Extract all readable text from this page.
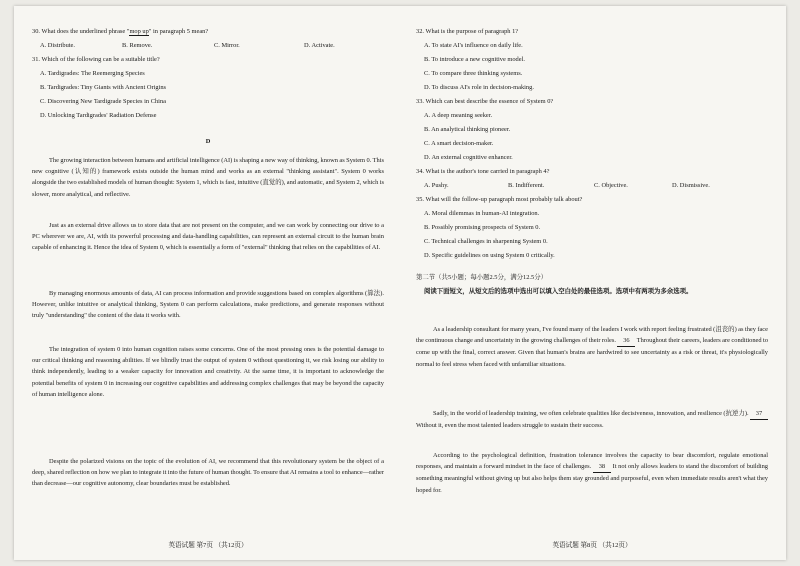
30. What does the underlined phrase "mop up" in paragraph 5 mean?
A. Distribute.	B. Remove.	C. Mirror.	D. Activate.
31. Which of the following can be a suitable title?
A. Tardigrades: The Reemerging Species
B. Tardigrades: Tiny Giants with Ancient Origins
C. Discovering New Tardigrade Species in China
D. Unlocking Tardigrades' Radiation Defense
D
The growing interaction between humans and artificial intelligence (AI) is shaping a new way of thinking, known as System 0. This new cognitive (认知的) framework exists outside the human mind and works as an external "thinking assistant". System 0 works alongside the two established models of human thought: System 1, which is fast, intuitive (直觉的), and automatic, and System 2, which is slower, more analytical, and reflective.
Just as an external drive allows us to store data that are not present on the computer, and we can work by connecting our drive to a PC wherever we are, AI, with its powerful processing and data-handling capabilities, can represent an external circuit to the human brain capable of enhancing it. Hence the idea of System 0, which is essentially a form of "external" thinking that relies on the capabilities of AI.
By managing enormous amounts of data, AI can process information and provide suggestions based on complex algorithms (算法). However, unlike intuitive or analytical thinking, System 0 can perform calculations, make predictions, and generate responses without truly "understanding" the content of the data it works with.
The integration of system 0 into human cognition raises some concerns. One of the most pressing ones is the potential damage to our critical thinking and reasoning abilities. If we blindly trust the output of system 0 without questioning it, we risk losing our ability to think independently, leading to a weaker capacity for innovation and creativity. At the same time, it is important to acknowledge the potential benefits of system 0 in increasing our cognitive capabilities and addressing complex challenges that may be beyond the capacity of human intelligence alone.
Despite the polarized visions on the topic of the evolution of AI, we recommend that this revolutionary system be the object of a deep, shared reflection on how we plan to integrate it into the future of human thought. To ensure that AI remains a tool to enhance—rather than decrease—our cognitive autonomy, clear boundaries must be established.
英语试题 第7页 （共12页）
32. What is the purpose of paragraph 1?
A. To state AI's influence on daily life.
B. To introduce a new cognitive model.
C. To compare three thinking systems.
D. To discuss AI's role in decision-making.
33. Which can best describe the essence of System 0?
A. A deep meaning seeker.
B. An analytical thinking pioneer.
C. A smart decision-maker.
D. An external cognitive enhancer.
34. What is the author's tone carried in paragraph 4?
A. Pushy.	B. Indifferent.	C. Objective.	D. Dismissive.
35. What will the follow-up paragraph most probably talk about?
A. Moral dilemmas in human-AI integration.
B. Possibly promising prospects of System 0.
C. Technical challenges in sharpening System 0.
D. Specific guidelines on using System 0 critically.
第二节（共5小题；每小题2.5分，满分12.5分）
阅读下面短文，从短文后的选项中选出可以填入空白处的最佳选项。选项中有两项为多余选项。
As a leadership consultant for many years, I've found many of the leaders I work with report feeling frustrated (沮丧的) as they face the continuous change and uncertainty in the growing challenges of their roles. 36 Throughout their careers, leaders are conditioned to come up with the final, correct answer. Given that human's brains are hardwired to see uncertainty as a risk or threat, it's physiologically normal to feel stress when faced with unfamiliar situations.
Sadly, in the world of leadership training, we often celebrate qualities like decisiveness, innovation, and resilience (抗逆力). 37 Without it, even the most talented leaders struggle to sustain their success.
According to the psychological definition, frustration tolerance involves the capacity to bear discomfort, regulate emotional responses, and maintain a forward mindset in the face of challenges. 38 It not only allows leaders to stand the discomfort of building something meaningful without giving up but also helps them stay grounded and purposeful, even when immediate results aren't what they hoped for.
英语试题 第8页 （共12页）
